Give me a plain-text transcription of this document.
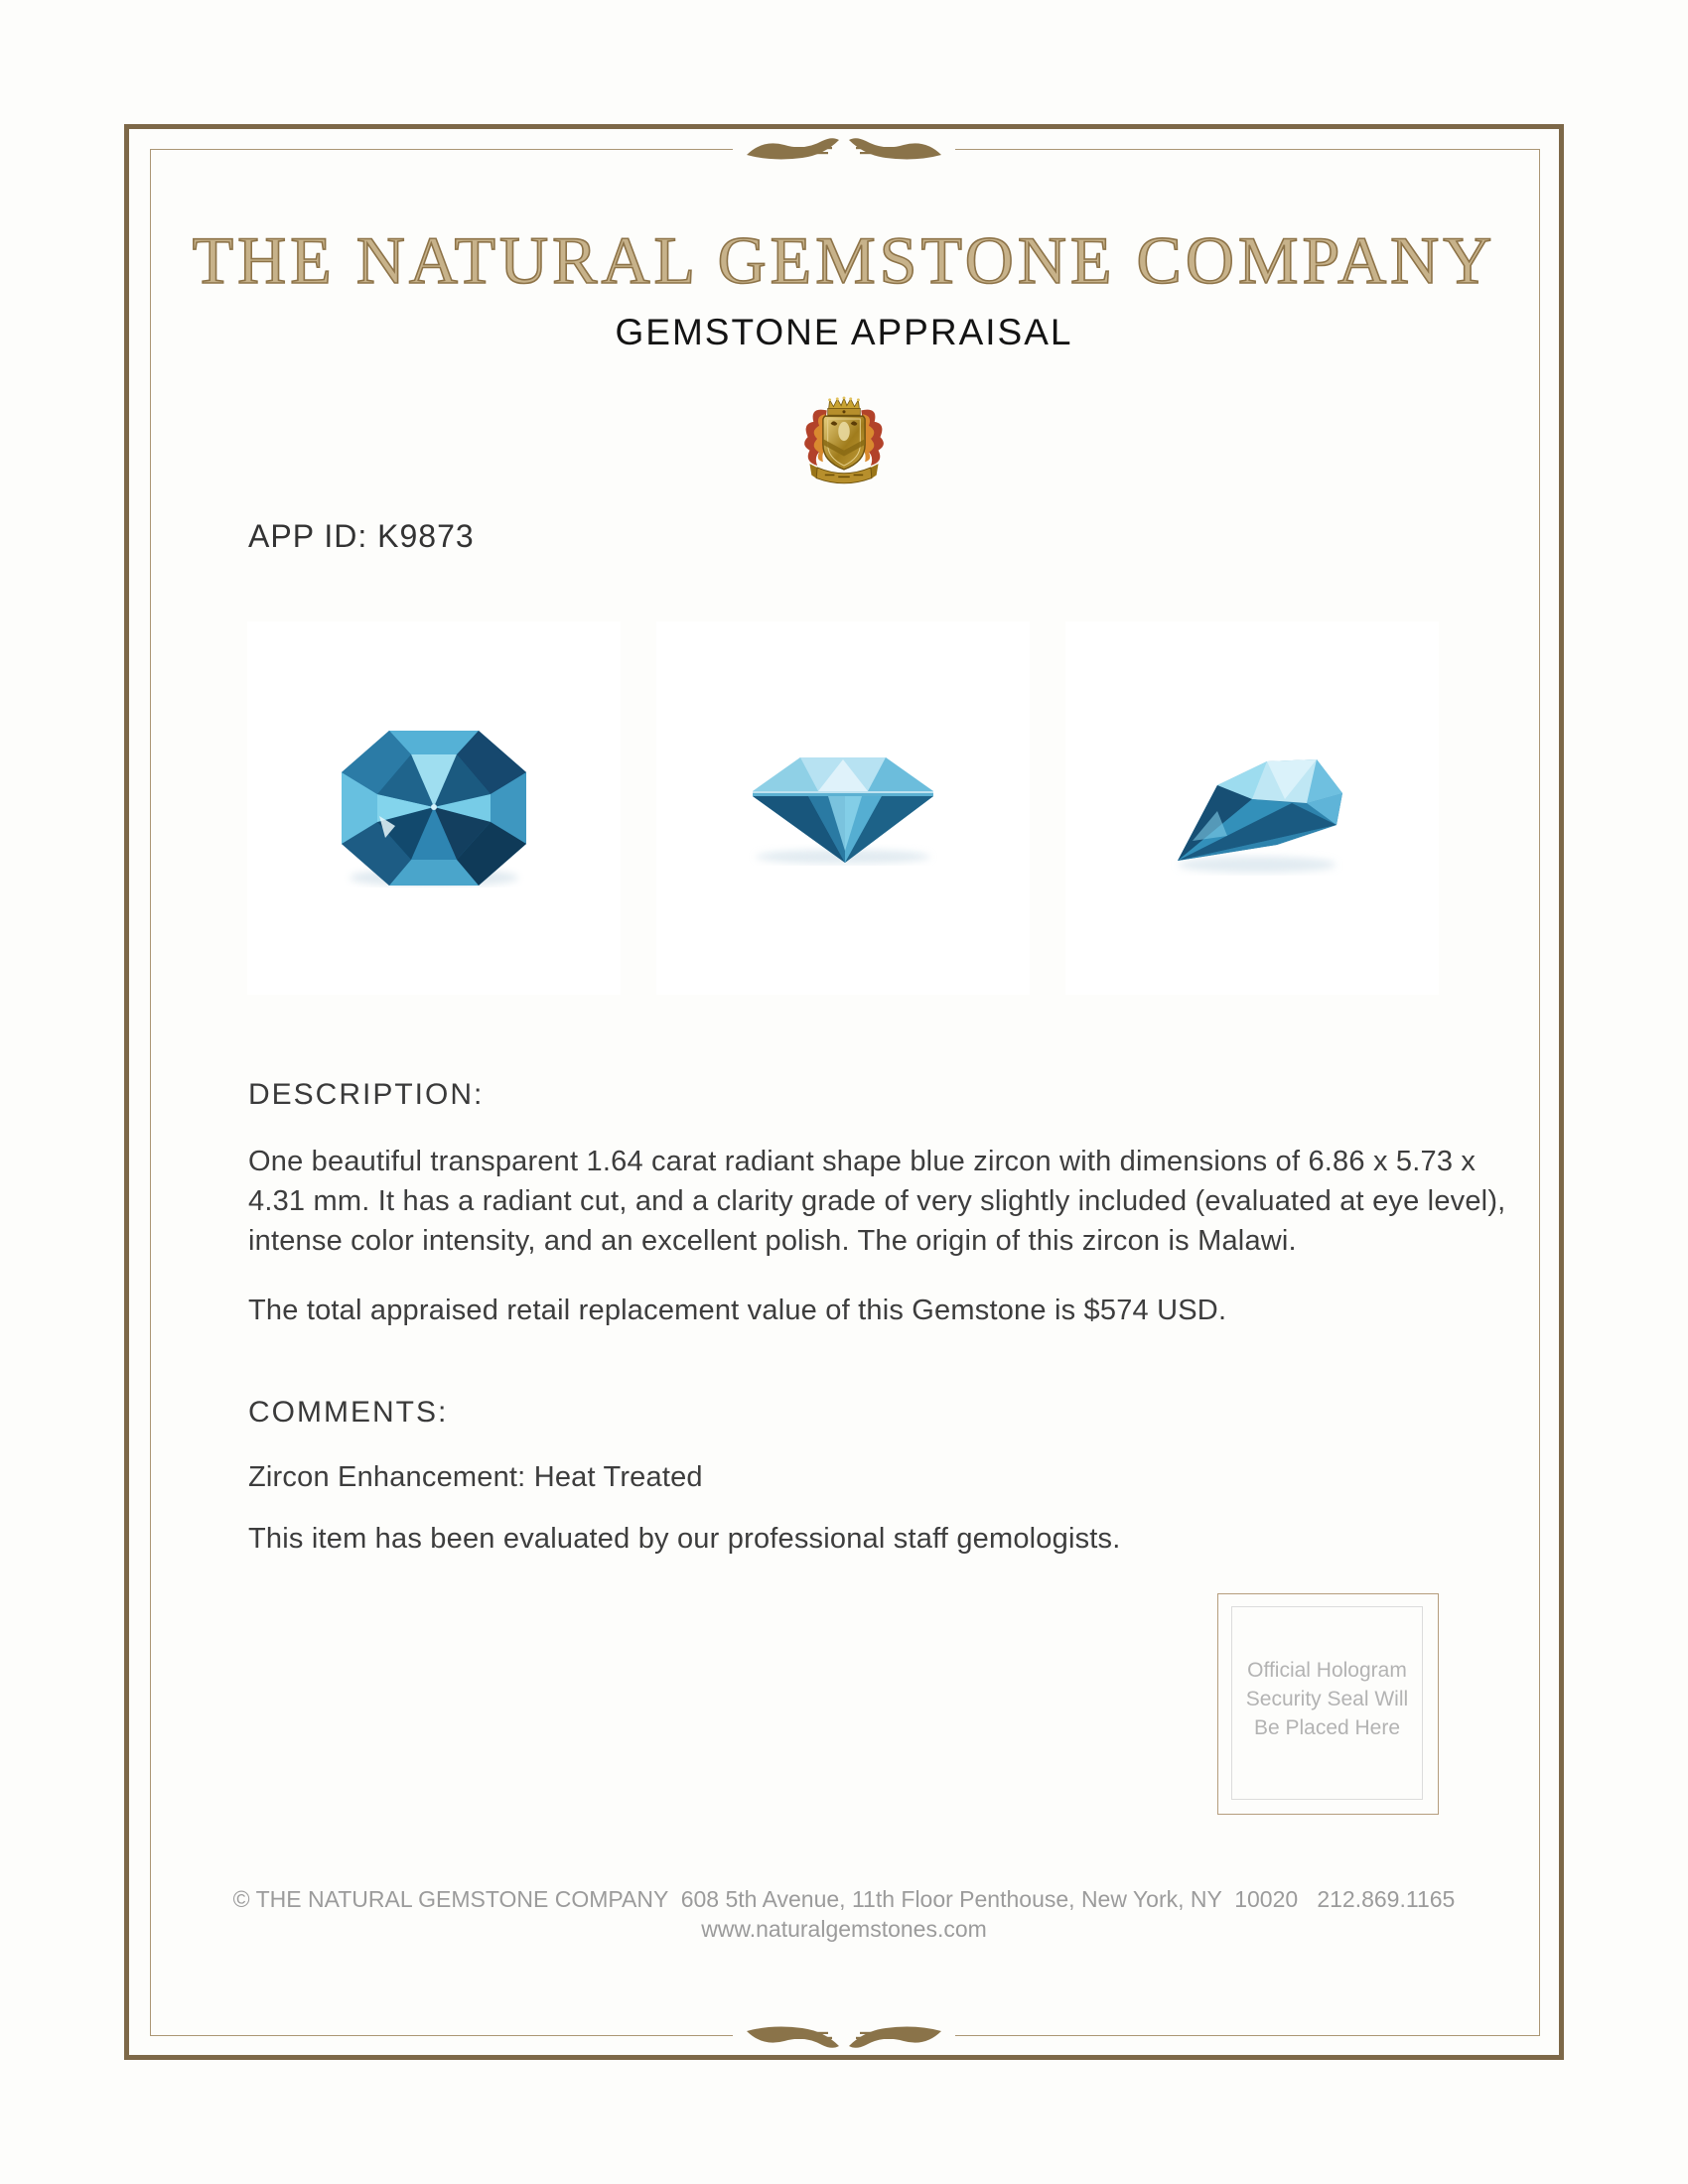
THE NATURAL GEMSTONE COMPANY
GEMSTONE APPRAISAL
APP ID: K9873
DESCRIPTION:
One beautiful transparent 1.64 carat radiant shape blue zircon with dimensions of 6.86 x 5.73 x 4.31 mm. It has a radiant cut, and a clarity grade of very slightly included (evaluated at eye level), intense color intensity, and an excellent polish. The origin of this zircon is Malawi.
The total appraised retail replacement value of this Gemstone is $574 USD.
COMMENTS:
Zircon Enhancement: Heat Treated
This item has been evaluated by our professional staff gemologists.
Official Hologram
Security Seal Will
Be Placed Here
© THE NATURAL GEMSTONE COMPANY  608 5th Avenue, 11th Floor Penthouse, New York, NY  10020   212.869.1165
www.naturalgemstones.com
